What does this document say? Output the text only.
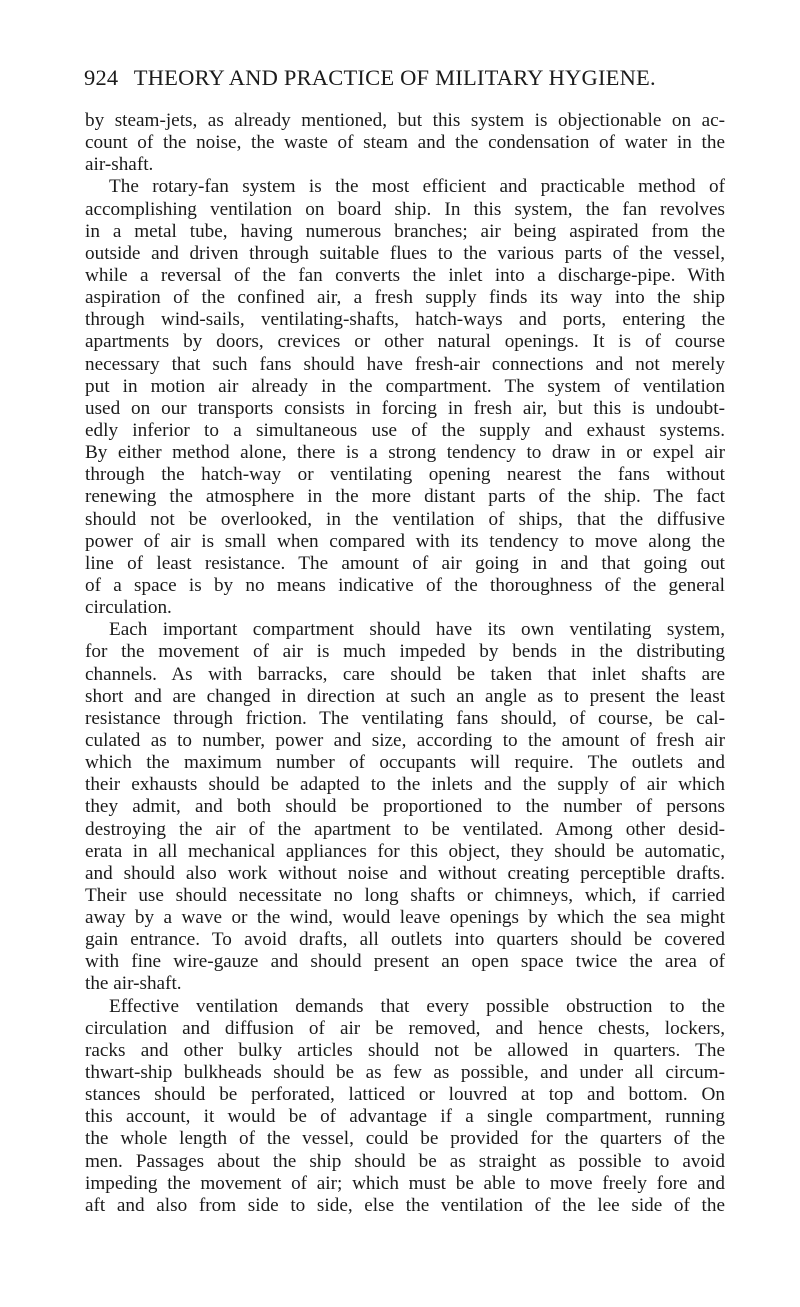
924 THEORY AND PRACTICE OF MILITARY HYGIENE.
by steam-jets, as already mentioned, but this system is objectionable on ac-
count of the noise, the waste of steam and the condensation of water in the
air-shaft.
The rotary-fan system is the most efficient and practicable method of
accomplishing ventilation on board ship. In this system, the fan revolves
in a metal tube, having numerous branches; air being aspirated from the
outside and driven through suitable flues to the various parts of the vessel,
while a reversal of the fan converts the inlet into a discharge-pipe. With
aspiration of the confined air, a fresh supply finds its way into the ship
through wind-sails, ventilating-shafts, hatch-ways and ports, entering the
apartments by doors, crevices or other natural openings. It is of course
necessary that such fans should have fresh-air connections and not merely
put in motion air already in the compartment. The system of ventilation
used on our transports consists in forcing in fresh air, but this is undoubt-
edly inferior to a simultaneous use of the supply and exhaust systems.
By either method alone, there is a strong tendency to draw in or expel air
through the hatch-way or ventilating opening nearest the fans without
renewing the atmosphere in the more distant parts of the ship. The fact
should not be overlooked, in the ventilation of ships, that the diffusive
power of air is small when compared with its tendency to move along the
line of least resistance. The amount of air going in and that going out
of a space is by no means indicative of the thoroughness of the general
circulation.
Each important compartment should have its own ventilating system,
for the movement of air is much impeded by bends in the distributing
channels. As with barracks, care should be taken that inlet shafts are
short and are changed in direction at such an angle as to present the least
resistance through friction. The ventilating fans should, of course, be cal-
culated as to number, power and size, according to the amount of fresh air
which the maximum number of occupants will require. The outlets and
their exhausts should be adapted to the inlets and the supply of air which
they admit, and both should be proportioned to the number of persons
destroying the air of the apartment to be ventilated. Among other desid-
erata in all mechanical appliances for this object, they should be automatic,
and should also work without noise and without creating perceptible drafts.
Their use should necessitate no long shafts or chimneys, which, if carried
away by a wave or the wind, would leave openings by which the sea might
gain entrance. To avoid drafts, all outlets into quarters should be covered
with fine wire-gauze and should present an open space twice the area of
the air-shaft.
Effective ventilation demands that every possible obstruction to the
circulation and diffusion of air be removed, and hence chests, lockers,
racks and other bulky articles should not be allowed in quarters. The
thwart-ship bulkheads should be as few as possible, and under all circum-
stances should be perforated, latticed or louvred at top and bottom. On
this account, it would be of advantage if a single compartment, running
the whole length of the vessel, could be provided for the quarters of the
men. Passages about the ship should be as straight as possible to avoid
impeding the movement of air; which must be able to move freely fore and
aft and also from side to side, else the ventilation of the lee side of the
